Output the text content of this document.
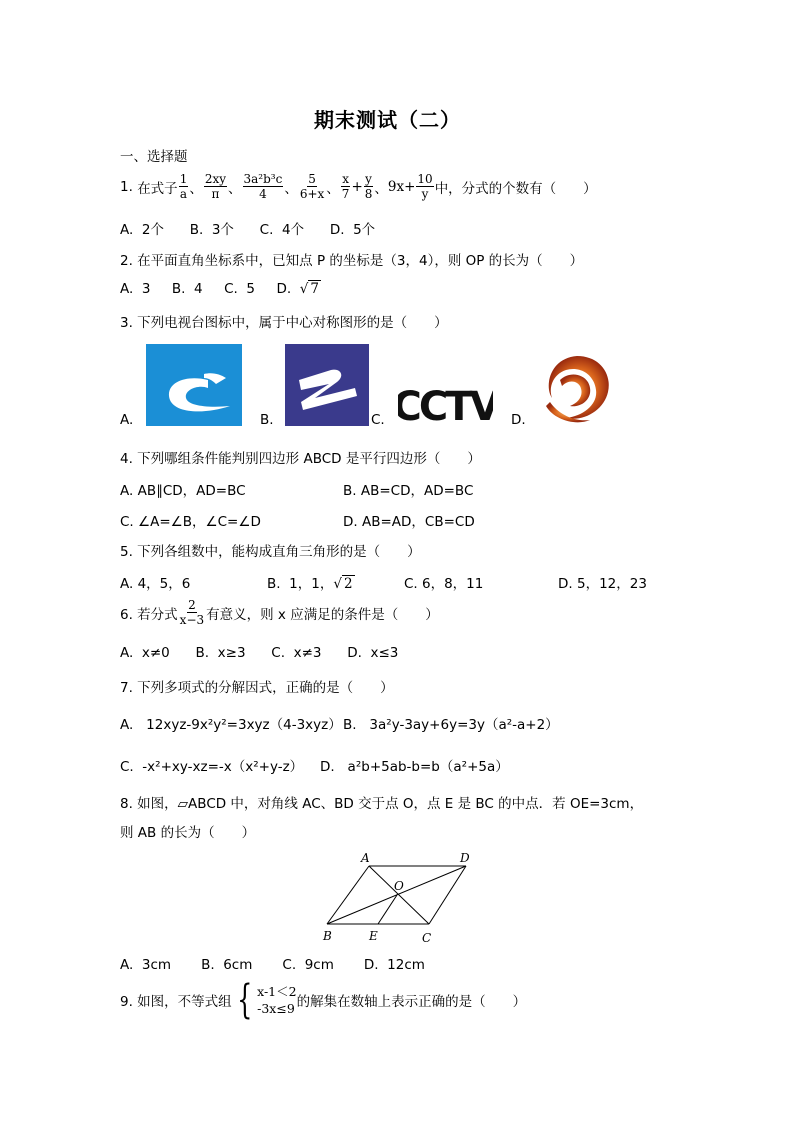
期末测试（二）
一、选择题
1.
在式子 $\frac{1}{a}$ 、 $\frac{2xy}{\pi}$ 、 $\frac{\text{3a²b³c}}{4}$ 、 $\frac{5}{6+x}$ 、 $\frac{x}{7} + \frac{y}{8}$ 、 $9x+ \frac{10}{y}$ 中，分式的个数有（　　）
A.  2个      B.  3个      C.  4个      D.  5个
2. 在平面直角坐标系中，已知点 P 的坐标是（3，4），则 OP 的长为（　　）
A.  3     B.  4     C.  5     D.  √ 7
3. 下列电视台图标中，属于中心对称图形的是（　　）
A.	B.	C. CCTV D.
4. 下列哪组条件能判别四边形 ABCD 是平行四边形（　　）
A. AB∥CD，AD=BC	B. AB=CD，AD=BC
C. ∠A=∠B，∠C=∠D	D. AB=AD，CB=CD
5. 下列各组数中，能构成直角三角形的是（　　）
A. 4，5，6	B.  1，1，√ 2	C. 6，8，11	D. 5，12，23
6. 若分式 $\frac{2}{x-3}$ 有意义，则 x 应满足的条件是（　　）
A.  x≠0      B.  x≥3      C.  x≠3      D.  x≤3
7. 下列多项式的分解因式，正确的是（　　）
A.   12xyz-9x²y²=3xyz（4-3xyz） B.   3a²y-3ay+6y=3y（a²-a+2）
C.  -x²+xy-xz=-x（x²+y-z） D.   a²b+5ab-b=b（a²+5a）
8. 如图，▱ABCD 中，对角线 AC、BD 交于点 O，点 E 是 BC 的中点．若 OE=3cm，
则 AB 的长为（　　）
A	D
O
B	E	C
A.  3cm       B.  6cm       C.  9cm       D.  12cm
9. 如图，不等式组 { x-1＜2
-3x≤9 的解集在数轴上表示正确的是（　　）
